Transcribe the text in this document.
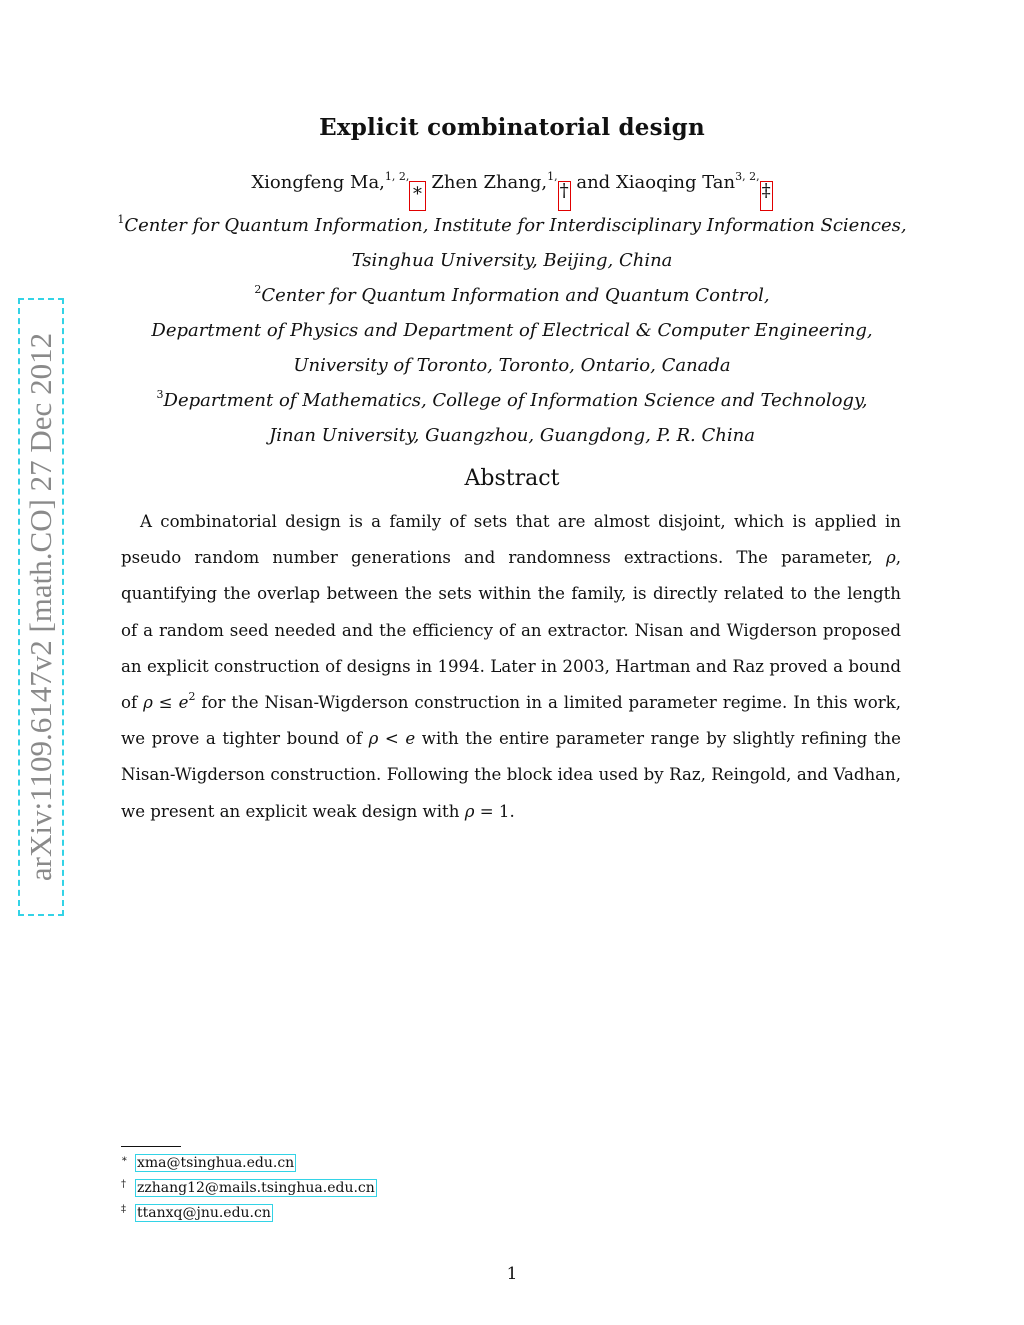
Explicit combinatorial design
Xiongfeng Ma,$^{1, 2,}$∗ Zhen Zhang,$^{1,}$† and Xiaoqing Tan$^{3, 2,}$‡
$^1$Center for Quantum Information, Institute for Interdisciplinary Information Sciences,
Tsinghua University, Beijing, China
$^2$Center for Quantum Information and Quantum Control,
Department of Physics and Department of Electrical & Computer Engineering,
University of Toronto, Toronto, Ontario, Canada
$^3$Department of Mathematics, College of Information Science and Technology,
Jinan University, Guangzhou, Guangdong, P. R. China
Abstract
A combinatorial design is a family of sets that are almost disjoint, which is applied in pseudo random number generations and randomness extractions. The parameter, ρ, quantifying the overlap between the sets within the family, is directly related to the length of a random seed needed and the efficiency of an extractor. Nisan and Wigderson proposed an explicit construction of designs in 1994. Later in 2003, Hartman and Raz proved a bound of $\rho \le e^2$ for the Nisan-Wigderson construction in a limited parameter regime. In this work, we prove a tighter bound of ρ < e with the entire parameter range by slightly refining the Nisan-Wigderson construction. Following the block idea used by Raz, Reingold, and Vadhan, we present an explicit weak design with ρ = 1.
arXiv:1109.6147v2 [math.CO] 27 Dec 2012
∗ xma@tsinghua.edu.cn
† zzhang12@mails.tsinghua.edu.cn
‡ ttanxq@jnu.edu.cn
1
